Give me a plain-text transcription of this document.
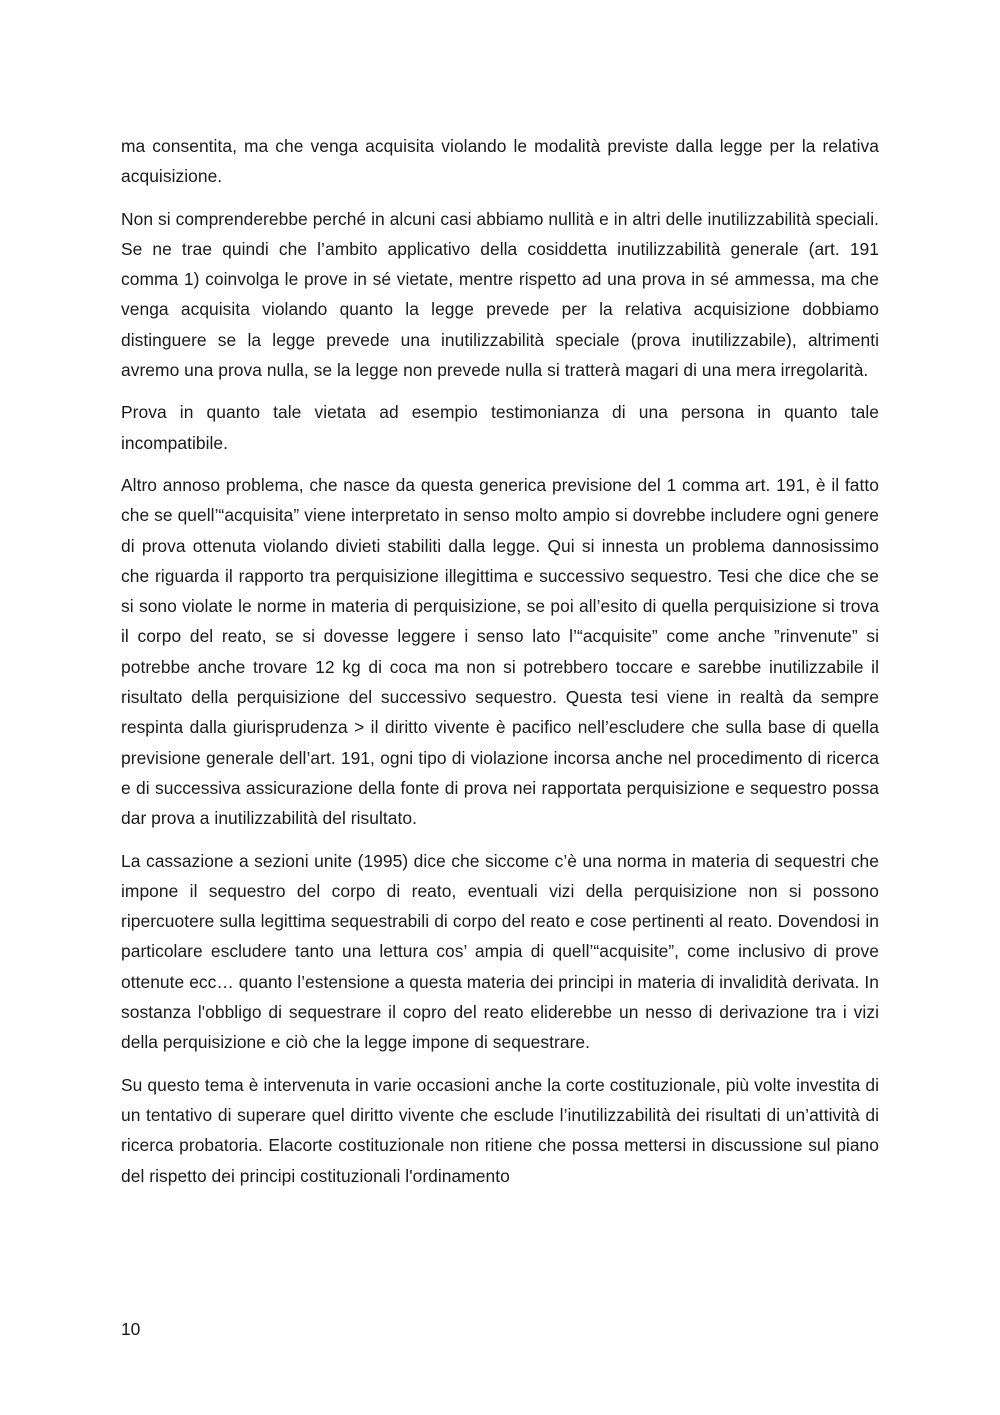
ma consentita, ma che venga acquisita violando le modalità previste dalla legge per la relativa acquisizione.

Non si comprenderebbe perché in alcuni casi abbiamo nullità e in altri delle inutilizzabilità speciali. Se ne trae quindi che l’ambito applicativo della cosiddetta inutilizzabilità generale (art. 191 comma 1) coinvolga le prove in sé vietate, mentre rispetto ad una prova in sé ammessa, ma che venga acquisita violando quanto la legge prevede per la relativa acquisizione dobbiamo distinguere se la legge prevede una inutilizzabilità speciale (prova inutilizzabile), altrimenti avremo una prova nulla, se la legge non prevede nulla si tratterà magari di una mera irregolarità.

Prova in quanto tale vietata ad esempio testimonianza di una persona in quanto tale incompatibile.

Altro annoso problema, che nasce da questa generica previsione del 1 comma art. 191, è il fatto che se quell’“acquisita” viene interpretato in senso molto ampio si dovrebbe includere ogni genere di prova ottenuta violando divieti stabiliti dalla legge. Qui si innesta un problema dannosissimo che riguarda il rapporto tra perquisizione illegittima e successivo sequestro. Tesi che dice che se si sono violate le norme in materia di perquisizione, se poi all’esito di quella perquisizione si trova il corpo del reato, se si dovesse leggere i senso lato l’“acquisite” come anche ”rinvenute” si potrebbe anche trovare 12 kg di coca ma non si potrebbero toccare e sarebbe inutilizzabile il risultato della perquisizione del successivo sequestro. Questa tesi viene in realtà da sempre respinta dalla giurisprudenza > il diritto vivente è pacifico nell’escludere che sulla base di quella previsione generale dell’art. 191, ogni tipo di violazione incorsa anche nel procedimento di ricerca e di successiva assicurazione della fonte di prova nei rapportata perquisizione e sequestro possa dar prova a inutilizzabilità del risultato.

La cassazione a sezioni unite (1995) dice che siccome c’è una norma in materia di sequestri che impone il sequestro del corpo di reato, eventuali vizi della perquisizione non si possono ripercuotere sulla legittima sequestrabili di corpo del reato e cose pertinenti al reato. Dovendosi in particolare escludere tanto una lettura cos’ ampia di quell’“acquisite”, come inclusivo di prove ottenute ecc… quanto l’estensione a questa materia dei principi in materia di invalidità derivata. In sostanza l'obbligo di sequestrare il copro del reato eliderebbe un nesso di derivazione tra i vizi della perquisizione e ciò che la legge impone di sequestrare.

Su questo tema è intervenuta in varie occasioni anche la corte costituzionale, più volte investita di un tentativo di superare quel diritto vivente che esclude l’inutilizzabilità dei risultati di un’attività di ricerca probatoria. Elacorte costituzionale non ritiene che possa mettersi in discussione sul piano del rispetto dei principi costituzionali l'ordinamento

10
